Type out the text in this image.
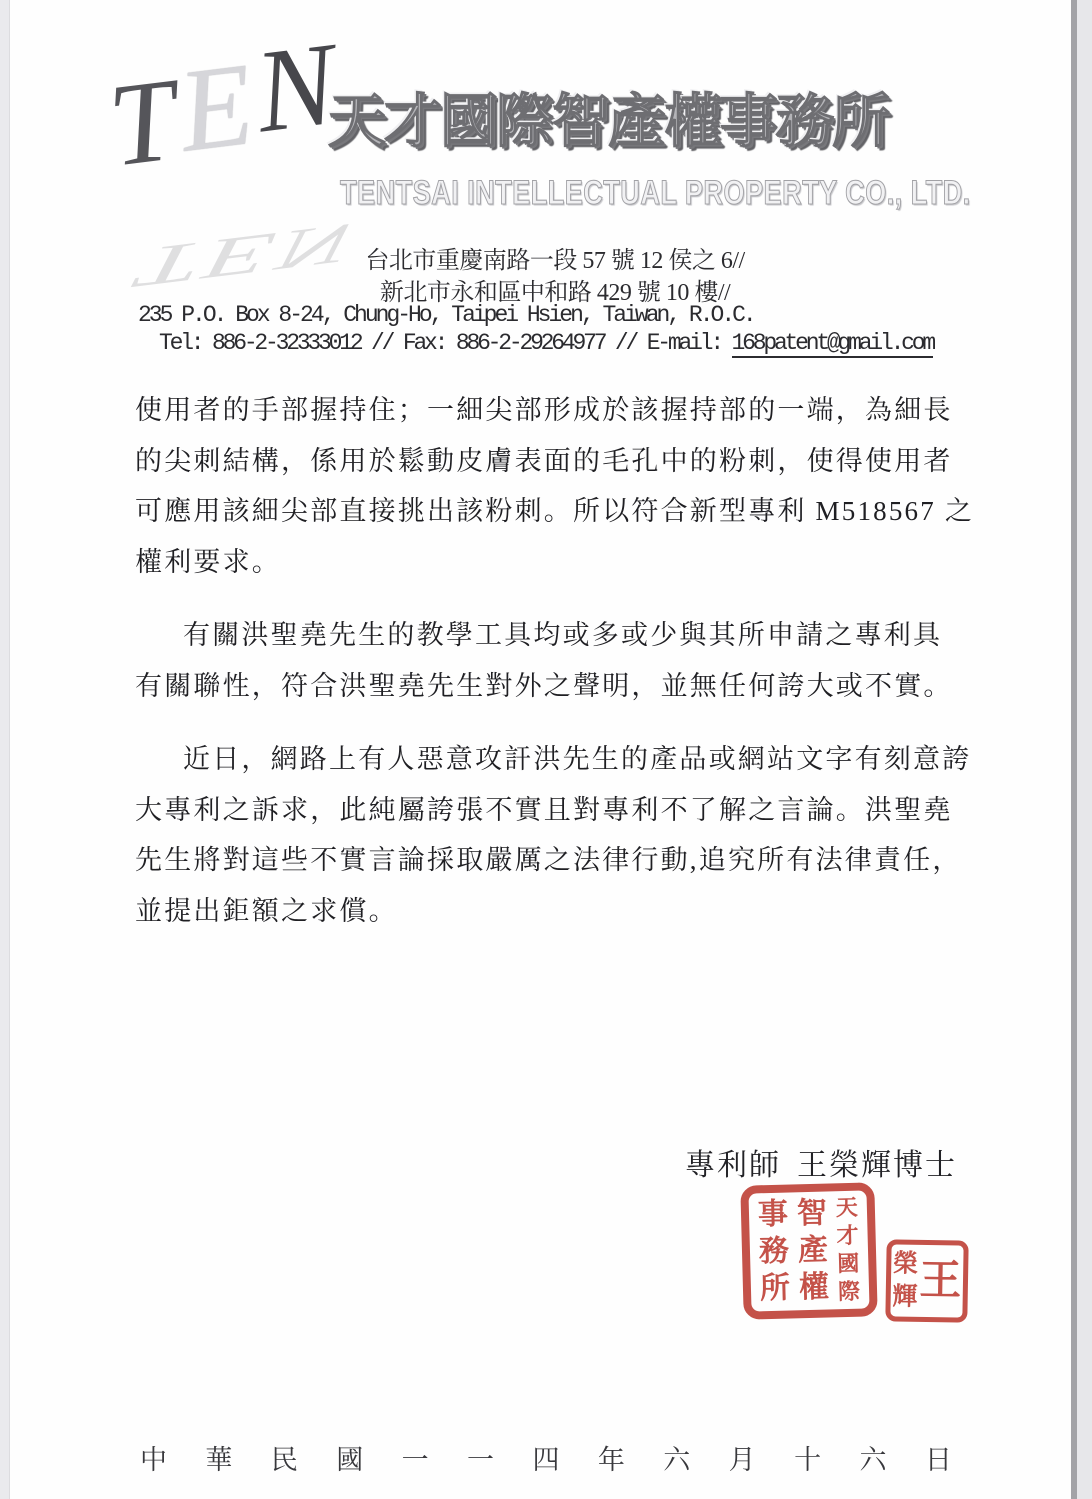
TEN
TEN
天才國際智產權事務所
TENTSAI INTELLECTUAL PROPERTY CO., LTD.
台北市重慶南路一段 57 號 12 侯之 6//
新北市永和區中和路 429 號 10 樓//
235 P.O. Box 8-24, Chung-Ho, Taipei Hsien, Taiwan, R.O.C.
Tel: 886-2-32333012 // Fax: 886-2-29264977 // E-mail: 168patent@gmail.com
使用者的手部握持住；一細尖部形成於該握持部的一端，為細長
的尖刺結構，係用於鬆動皮膚表面的毛孔中的粉刺，使得使用者
可應用該細尖部直接挑出該粉刺。所以符合新型專利 M518567 之
權利要求。
有關洪聖堯先生的教學工具均或多或少與其所申請之專利具
有關聯性，符合洪聖堯先生對外之聲明，並無任何誇大或不實。
近日，網路上有人惡意攻訐洪先生的產品或網站文字有刻意誇
大專利之訴求，此純屬誇張不實且對專利不了解之言論。洪聖堯
先生將對這些不實言論採取嚴厲之法律行動,追究所有法律責任，
並提出鉅額之求償。
專利師 王榮輝博士
天
才
國
際
智
產
權
事
務
所	王
榮
輝
中 華 民 國 一 一 四 年 六 月 十 六 日
